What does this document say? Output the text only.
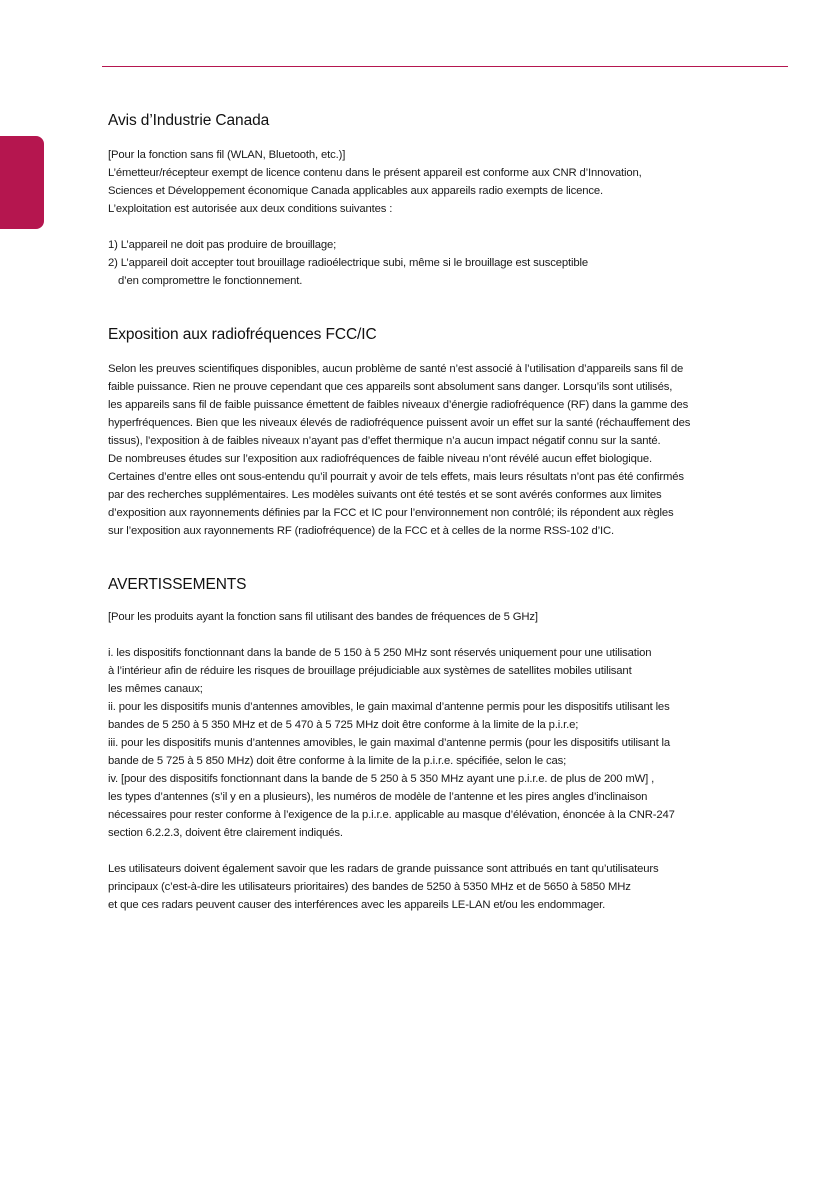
Avis d’Industrie Canada
[Pour la fonction sans fil (WLAN, Bluetooth, etc.)]
L’émetteur/récepteur exempt de licence contenu dans le présent appareil est conforme aux CNR d’Innovation,
Sciences et Développement économique Canada applicables aux appareils radio exempts de licence.
L’exploitation est autorisée aux deux conditions suivantes :
1) L’appareil ne doit pas produire de brouillage;
2) L’appareil doit accepter tout brouillage radioélectrique subi, même si le brouillage est susceptible
d’en compromettre le fonctionnement.
Exposition aux radiofréquences FCC/IC
Selon les preuves scientifiques disponibles, aucun problème de santé n’est associé à l’utilisation d’appareils sans fil de
faible puissance. Rien ne prouve cependant que ces appareils sont absolument sans danger. Lorsqu’ils sont utilisés,
les appareils sans fil de faible puissance émettent de faibles niveaux d’énergie radiofréquence (RF) dans la gamme des
hyperfréquences. Bien que les niveaux élevés de radiofréquence puissent avoir un effet sur la santé (réchauffement des
tissus), l’exposition à de faibles niveaux n’ayant pas d’effet thermique n’a aucun impact négatif connu sur la santé.
De nombreuses études sur l’exposition aux radiofréquences de faible niveau n’ont révélé aucun effet biologique.
Certaines d’entre elles ont sous-entendu qu’il pourrait y avoir de tels effets, mais leurs résultats n’ont pas été confirmés
par des recherches supplémentaires. Les modèles suivants ont été testés et se sont avérés conformes aux limites
d’exposition aux rayonnements définies par la FCC et IC pour l’environnement non contrôlé; ils répondent aux règles
sur l’exposition aux rayonnements RF (radiofréquence) de la FCC et à celles de la norme RSS-102 d’IC.
AVERTISSEMENTS
[Pour les produits ayant la fonction sans fil utilisant des bandes de fréquences de 5 GHz]
i. les dispositifs fonctionnant dans la bande de 5 150 à 5 250 MHz sont réservés uniquement pour une utilisation
à l’intérieur afin de réduire les risques de brouillage préjudiciable aux systèmes de satellites mobiles utilisant
les mêmes canaux;
ii. pour les dispositifs munis d’antennes amovibles, le gain maximal d’antenne permis pour les dispositifs utilisant les
bandes de 5 250 à 5 350 MHz et de 5 470 à 5 725 MHz doit être conforme à la limite de la p.i.r.e;
iii. pour les dispositifs munis d’antennes amovibles, le gain maximal d’antenne permis (pour les dispositifs utilisant la
bande de 5 725 à 5 850 MHz) doit être conforme à la limite de la p.i.r.e. spécifiée, selon le cas;
iv. [pour des dispositifs fonctionnant dans la bande de 5 250 à 5 350 MHz ayant une p.i.r.e. de plus de 200 mW] ,
les types d’antennes (s’il y en a plusieurs), les numéros de modèle de l’antenne et les pires angles d’inclinaison
nécessaires pour rester conforme à l’exigence de la p.i.r.e. applicable au masque d’élévation, énoncée à la CNR-247
section 6.2.2.3, doivent être clairement indiqués.
Les utilisateurs doivent également savoir que les radars de grande puissance sont attribués en tant qu’utilisateurs
principaux (c’est-à-dire les utilisateurs prioritaires) des bandes de 5250 à 5350 MHz et de 5650 à 5850 MHz
et que ces radars peuvent causer des interférences avec les appareils LE-LAN et/ou les endommager.
